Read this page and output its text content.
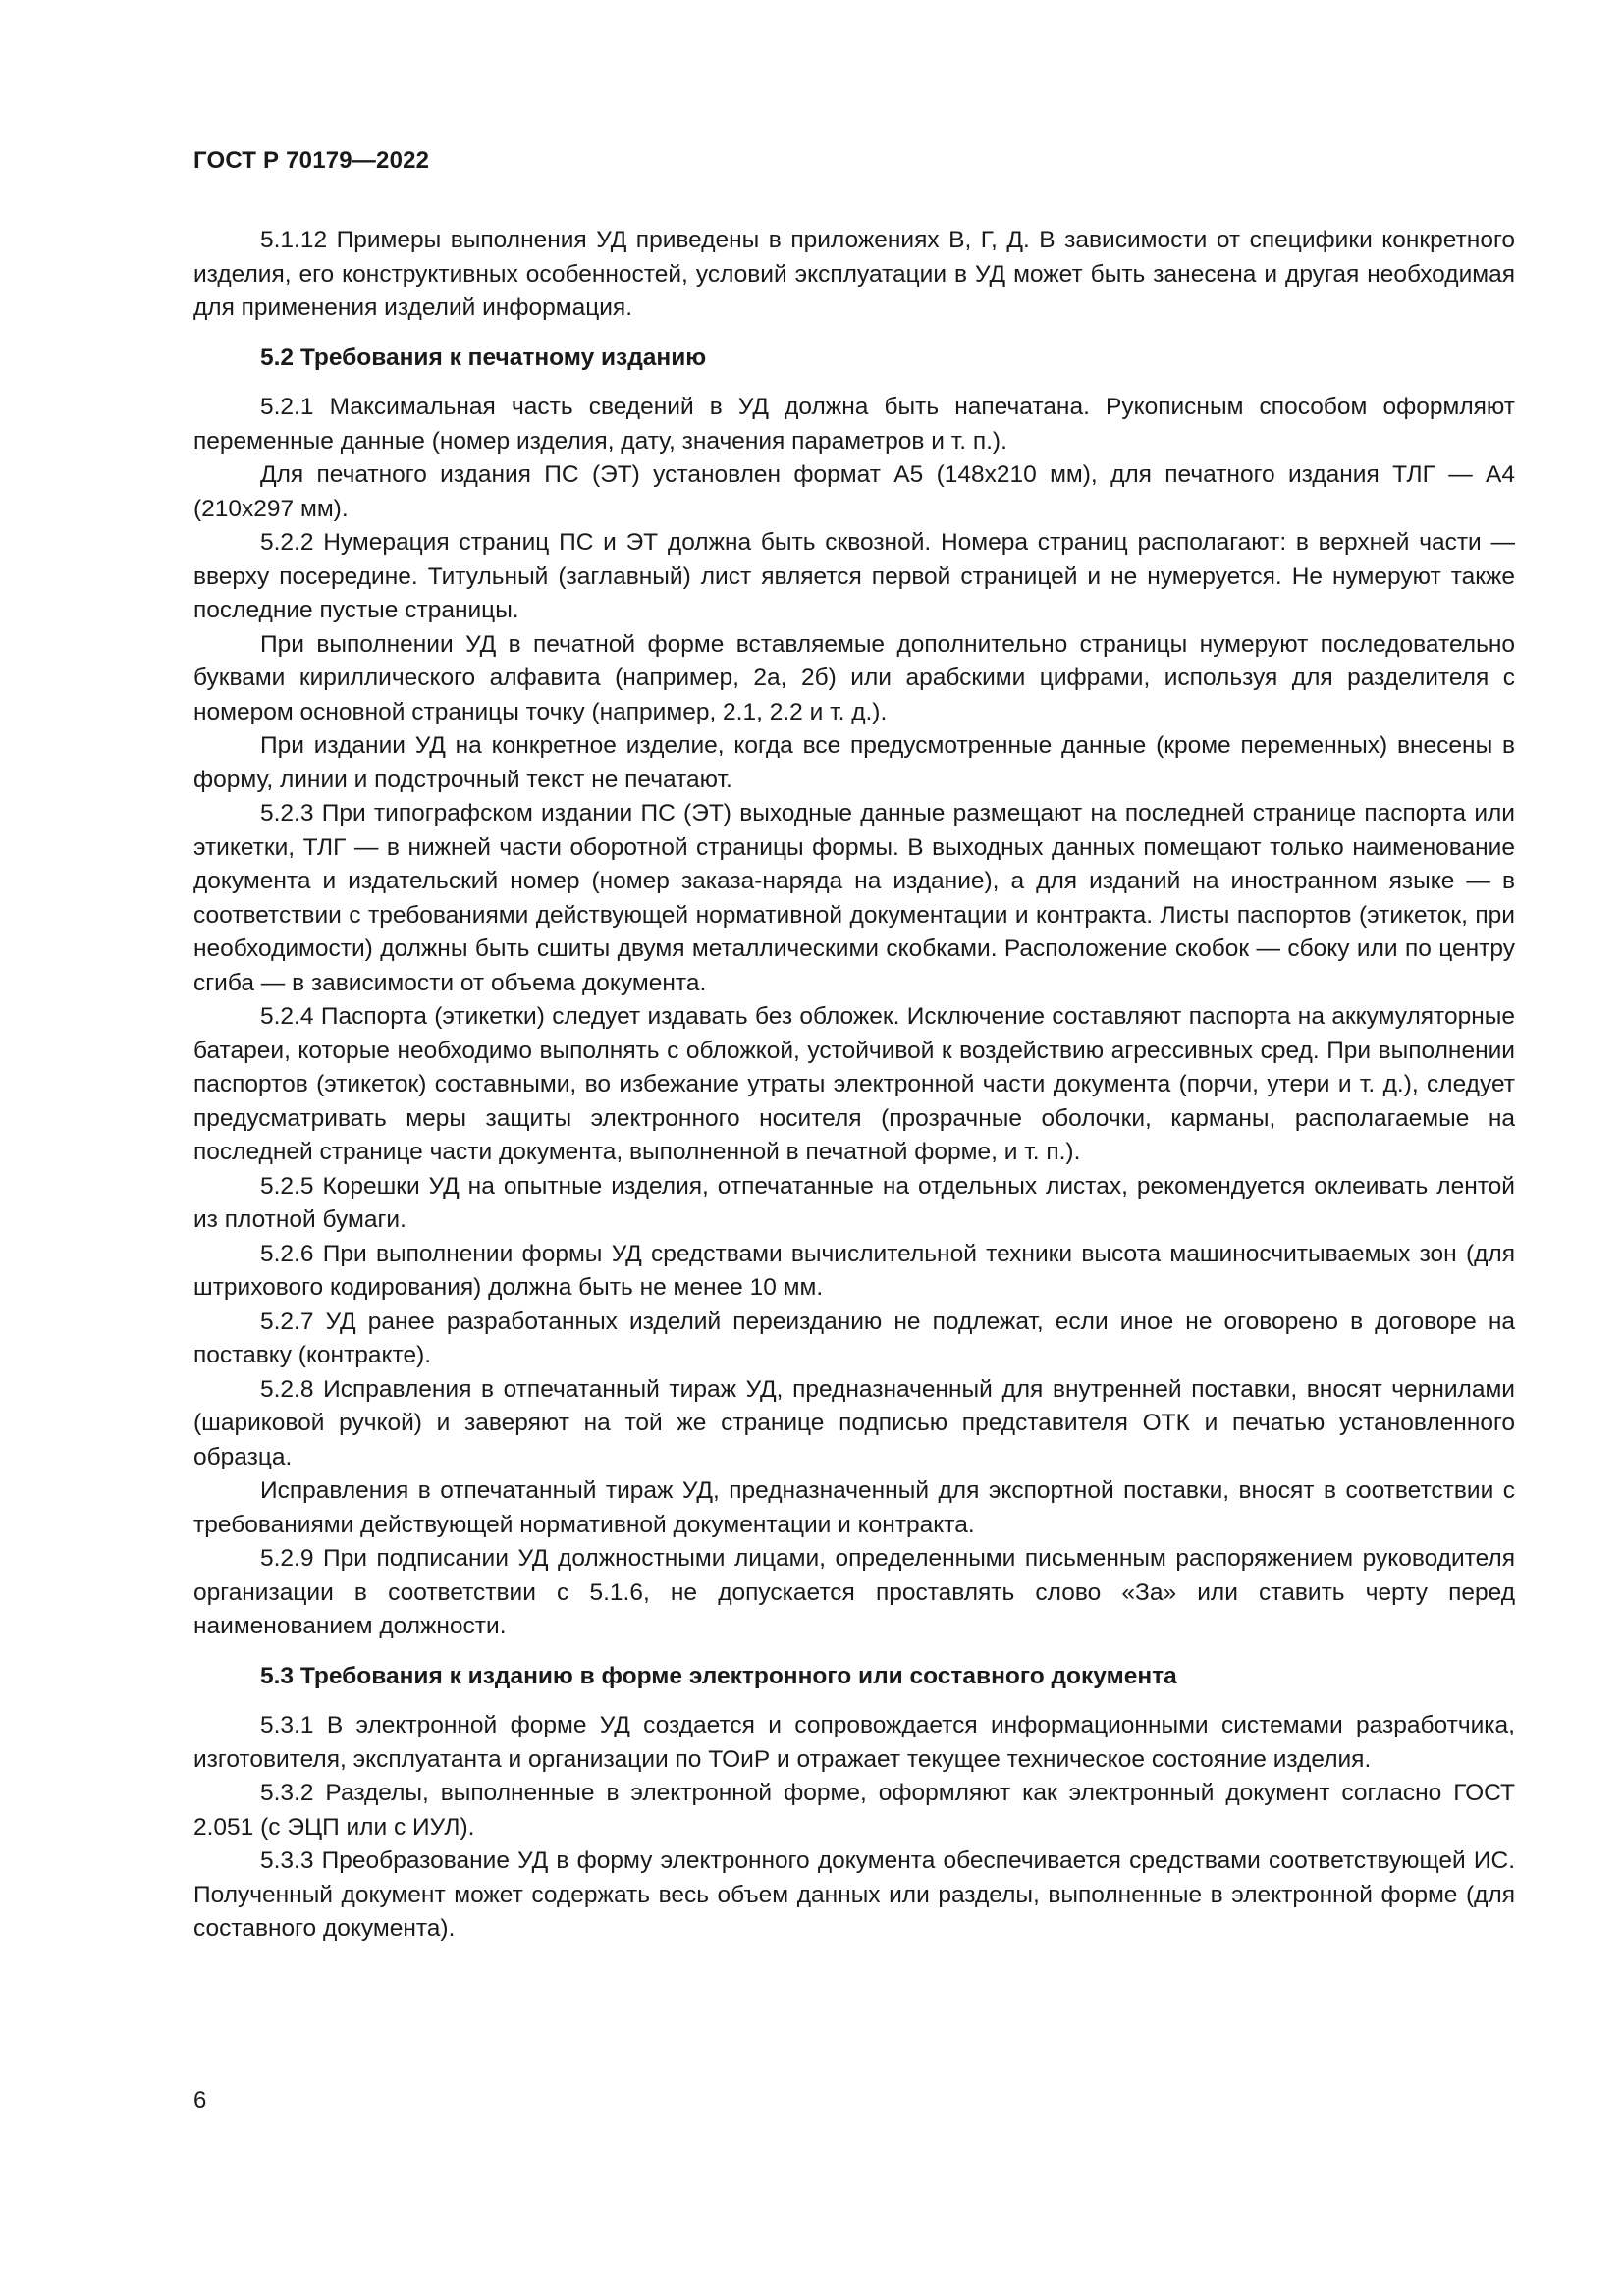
ГОСТ Р 70179—2022

5.1.12 Примеры выполнения УД приведены в приложениях В, Г, Д. В зависимости от специфики конкретного изделия, его конструктивных особенностей, условий эксплуатации в УД может быть занесена и другая необходимая для применения изделий информация.

5.2 Требования к печатному изданию

5.2.1 Максимальная часть сведений в УД должна быть напечатана. Рукописным способом оформляют переменные данные (номер изделия, дату, значения параметров и т. п.).

Для печатного издания ПС (ЭТ) установлен формат А5 (148x210 мм), для печатного издания ТЛГ — А4 (210x297 мм).

5.2.2 Нумерация страниц ПС и ЭТ должна быть сквозной. Номера страниц располагают: в верхней части — вверху посередине. Титульный (заглавный) лист является первой страницей и не нумеруется. Не нумеруют также последние пустые страницы.

При выполнении УД в печатной форме вставляемые дополнительно страницы нумеруют последовательно буквами кириллического алфавита (например, 2а, 2б) или арабскими цифрами, используя для разделителя с номером основной страницы точку (например, 2.1, 2.2 и т. д.).

При издании УД на конкретное изделие, когда все предусмотренные данные (кроме переменных) внесены в форму, линии и подстрочный текст не печатают.

5.2.3 При типографском издании ПС (ЭТ) выходные данные размещают на последней странице паспорта или этикетки, ТЛГ — в нижней части оборотной страницы формы. В выходных данных помещают только наименование документа и издательский номер (номер заказа-наряда на издание), а для изданий на иностранном языке — в соответствии с требованиями действующей нормативной документации и контракта. Листы паспортов (этикеток, при необходимости) должны быть сшиты двумя металлическими скобками. Расположение скобок — сбоку или по центру сгиба — в зависимости от объема документа.

5.2.4 Паспорта (этикетки) следует издавать без обложек. Исключение составляют паспорта на аккумуляторные батареи, которые необходимо выполнять с обложкой, устойчивой к воздействию агрессивных сред. При выполнении паспортов (этикеток) составными, во избежание утраты электронной части документа (порчи, утери и т. д.), следует предусматривать меры защиты электронного носителя (прозрачные оболочки, карманы, располагаемые на последней странице части документа, выполненной в печатной форме, и т. п.).

5.2.5 Корешки УД на опытные изделия, отпечатанные на отдельных листах, рекомендуется оклеивать лентой из плотной бумаги.

5.2.6 При выполнении формы УД средствами вычислительной техники высота машиносчитываемых зон (для штрихового кодирования) должна быть не менее 10 мм.

5.2.7 УД ранее разработанных изделий переизданию не подлежат, если иное не оговорено в договоре на поставку (контракте).

5.2.8 Исправления в отпечатанный тираж УД, предназначенный для внутренней поставки, вносят чернилами (шариковой ручкой) и заверяют на той же странице подписью представителя ОТК и печатью установленного образца.

Исправления в отпечатанный тираж УД, предназначенный для экспортной поставки, вносят в соответствии с требованиями действующей нормативной документации и контракта.

5.2.9 При подписании УД должностными лицами, определенными письменным распоряжением руководителя организации в соответствии с 5.1.6, не допускается проставлять слово «За» или ставить черту перед наименованием должности.

5.3 Требования к изданию в форме электронного или составного документа

5.3.1 В электронной форме УД создается и сопровождается информационными системами разработчика, изготовителя, эксплуатанта и организации по ТОиР и отражает текущее техническое состояние изделия.

5.3.2 Разделы, выполненные в электронной форме, оформляют как электронный документ согласно ГОСТ 2.051 (с ЭЦП или с ИУЛ).

5.3.3 Преобразование УД в форму электронного документа обеспечивается средствами соответствующей ИС. Полученный документ может содержать весь объем данных или разделы, выполненные в электронной форме (для составного документа).

6
